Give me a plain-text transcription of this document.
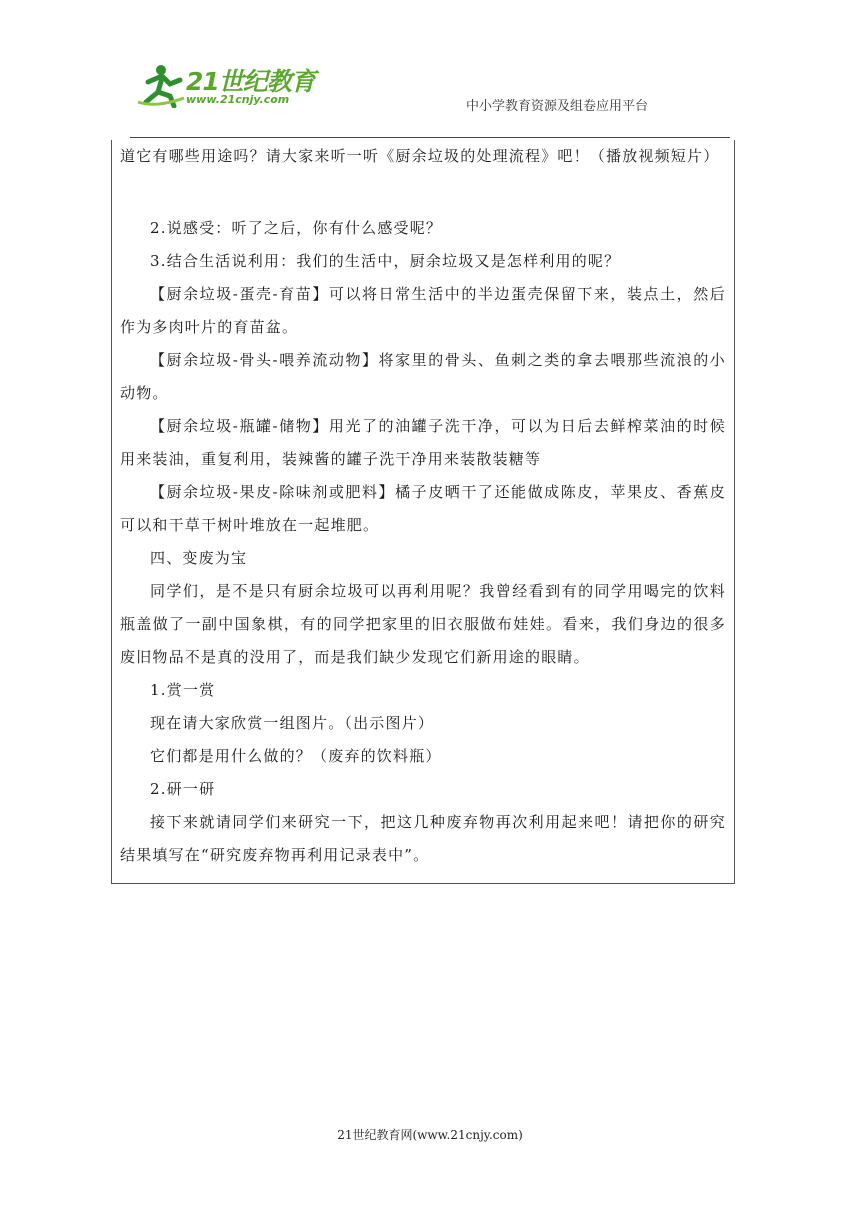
21世纪教育
www.21cnjy.com	中小学教育资源及组卷应用平台

道它有哪些用途吗？请大家来听一听《厨余垃圾的处理流程》吧！（播放视频短片）

2.说感受：听了之后，你有什么感受呢？

3.结合生活说利用：我们的生活中，厨余垃圾又是怎样利用的呢？

【厨余垃圾-蛋壳-育苗】可以将日常生活中的半边蛋壳保留下来，装点土，然后作为多肉叶片的育苗盆。

【厨余垃圾-骨头-喂养流动物】将家里的骨头、鱼刺之类的拿去喂那些流浪的小动物。

【厨余垃圾-瓶罐-储物】用光了的油罐子洗干净，可以为日后去鲜榨菜油的时候用来装油，重复利用，装辣酱的罐子洗干净用来装散装糖等

【厨余垃圾-果皮-除味剂或肥料】橘子皮晒干了还能做成陈皮，苹果皮、香蕉皮可以和干草干树叶堆放在一起堆肥。

四、变废为宝

同学们，是不是只有厨余垃圾可以再利用呢？我曾经看到有的同学用喝完的饮料瓶盖做了一副中国象棋，有的同学把家里的旧衣服做布娃娃。看来，我们身边的很多废旧物品不是真的没用了，而是我们缺少发现它们新用途的眼睛。

1.赏一赏

现在请大家欣赏一组图片。（出示图片）

它们都是用什么做的？（废弃的饮料瓶）

2.研一研

接下来就请同学们来研究一下，把这几种废弃物再次利用起来吧！请把你的研究结果填写在“研究废弃物再利用记录表中”。

21世纪教育网(www.21cnjy.com)
